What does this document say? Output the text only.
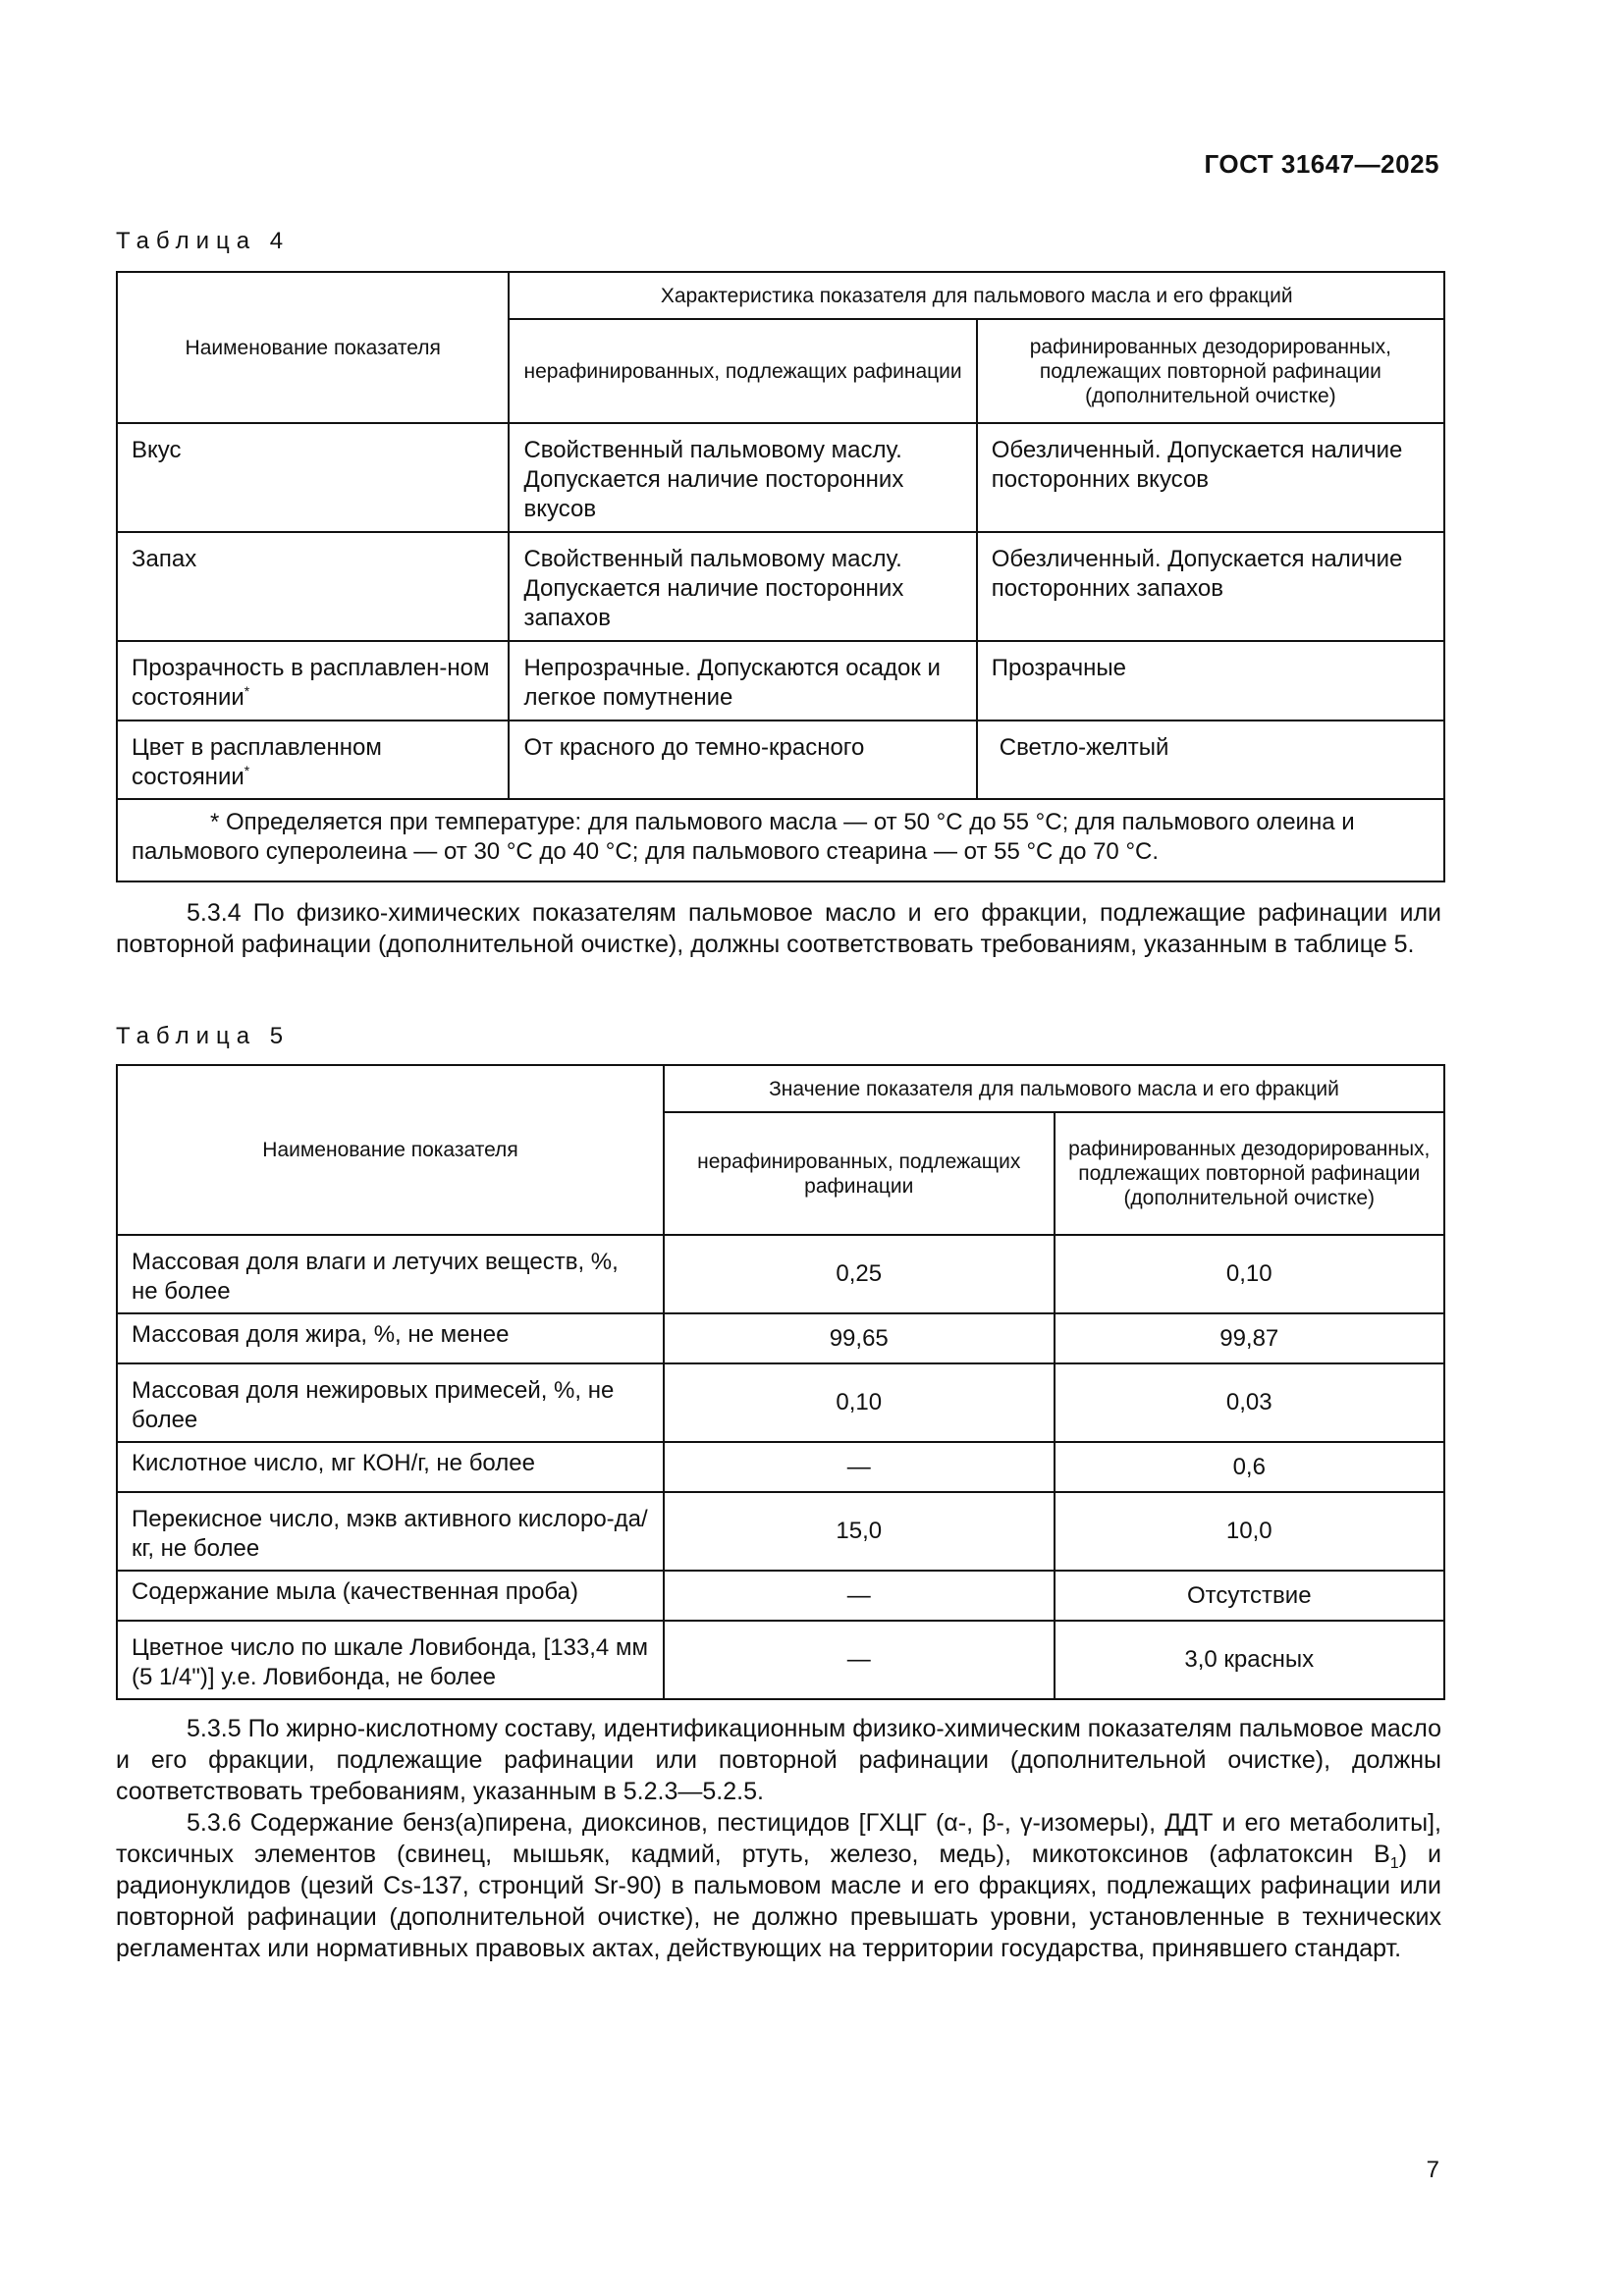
ГОСТ 31647—2025
Таблица 4
Наименование показателя	Характеристика показателя для пальмового масла и его фракций	
	нерафинированных, подлежащих рафинации	рафинированных дезодорированных, подлежащих повторной рафинации (дополнительной очистке)
Вкус	Свойственный пальмовому маслу. Допускается наличие посторонних вкусов	Обезличенный. Допускается наличие посторонних вкусов
Запах	Свойственный пальмовому маслу. Допускается наличие посторонних запахов	Обезличенный. Допускается наличие посторонних запахов
Прозрачность в расплавлен-ном состоянии*	Непрозрачные. Допускаются осадок и легкое помутнение	Прозрачные
Цвет в расплавленном состоянии*	От красного до темно-красного	Светло-желтый

* Определяется при температуре: для пальмового масла — от 50 °С до 55 °С; для пальмового олеина и пальмового суперолеина — от 30 °С до 40 °С; для пальмового стеарина — от 55 °С до 70 °С.		

5.3.4 По физико-химических показателям пальмовое масло и его фракции, подлежащие рафинации или повторной рафинации (дополнительной очистке), должны соответствовать требованиям, указанным в таблице 5.

Таблица 5
Наименование показателя	Значение показателя для пальмового масла и его фракций	
	нерафинированных, подлежащих рафинации	рафинированных дезодорированных, подлежащих повторной рафинации (дополнительной очистке)
Массовая доля влаги и летучих веществ, %, не более	0,25	0,10
Массовая доля жира, %, не менее	99,65	99,87
Массовая доля нежировых примесей, %, не более	0,10	0,03
Кислотное число, мг КОН/г, не более	—	0,6
Перекисное число, мэкв активного кислоро-да/кг, не более	15,0	10,0
Содержание мыла (качественная проба)	—	Отсутствие
Цветное число по шкале Ловибонда, [133,4 мм (5 1/4")] у.е. Ловибонда, не более	—	3,0 красных

5.3.5 По жирно-кислотному составу, идентификационным физико-химическим показателям пальмовое масло и его фракции, подлежащие рафинации или повторной рафинации (дополнительной очистке), должны соответствовать требованиям, указанным в 5.2.3—5.2.5.

5.3.6 Содержание бенз(а)пирена, диоксинов, пестицидов [ГХЦГ (α-, β-, γ-изомеры), ДДТ и его метаболиты], токсичных элементов (свинец, мышьяк, кадмий, ртуть, железо, медь), микотоксинов (афлатоксин $В_1$) и радионуклидов (цезий Cs-137, стронций Sr-90) в пальмовом масле и его фракциях, подлежащих рафинации или повторной рафинации (дополнительной очистке), не должно превышать уровни, установленные в технических регламентах или нормативных правовых актах, действующих на территории государства, принявшего стандарт.

7
